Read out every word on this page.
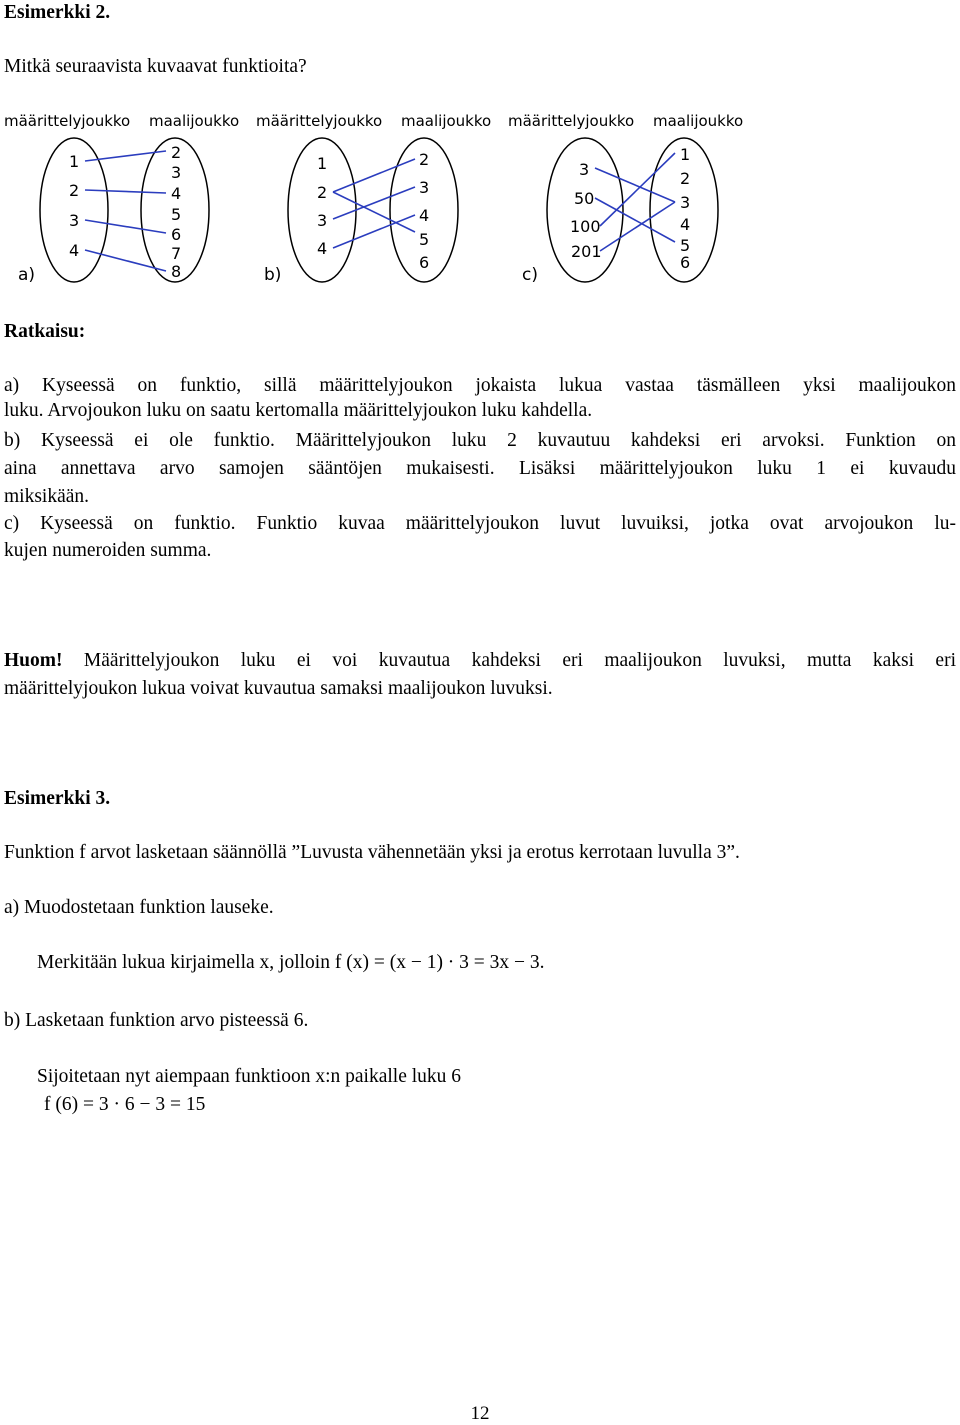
Esimerkki 2.
Mitkä seuraavista kuvaavat funktioita?
määrittelyjoukko maalijoukko määrittelyjoukko maalijoukko määrittelyjoukko maalijoukko
1
2
3
4
2
3
4
5
6
7
8
a)
1
2
3
4
2
3
4
5
6
b)
3
50
100
201
1
2
3
4
5
6
c)
Ratkaisu:
a) Kyseessä on funktio, sillä määrittelyjoukon jokaista lukua vastaa täsmälleen yksi maalijoukon
luku. Arvojoukon luku on saatu kertomalla määrittelyjoukon luku kahdella.
b) Kyseessä ei ole funktio. Määrittelyjoukon luku 2 kuvautuu kahdeksi eri arvoksi. Funktion on
aina annettava arvo samojen sääntöjen mukaisesti. Lisäksi määrittelyjoukon luku 1 ei kuvaudu
miksikään.
c) Kyseessä on funktio. Funktio kuvaa määrittelyjoukon luvut luvuiksi, jotka ovat arvojoukon lu-
kujen numeroiden summa.
Huom! Määrittelyjoukon luku ei voi kuvautua kahdeksi eri maalijoukon luvuksi, mutta kaksi eri
määrittelyjoukon lukua voivat kuvautua samaksi maalijoukon luvuksi.
Esimerkki 3.
Funktion f arvot lasketaan säännöllä ”Luvusta vähennetään yksi ja erotus kerrotaan luvulla 3”.
a) Muodostetaan funktion lauseke.
Merkitään lukua kirjaimella x, jolloin f (x) = (x − 1) · 3 = 3x − 3.
b) Lasketaan funktion arvo pisteessä 6.
Sijoitetaan nyt aiempaan funktioon x:n paikalle luku 6
f (6) = 3 · 6 − 3 = 15
12
